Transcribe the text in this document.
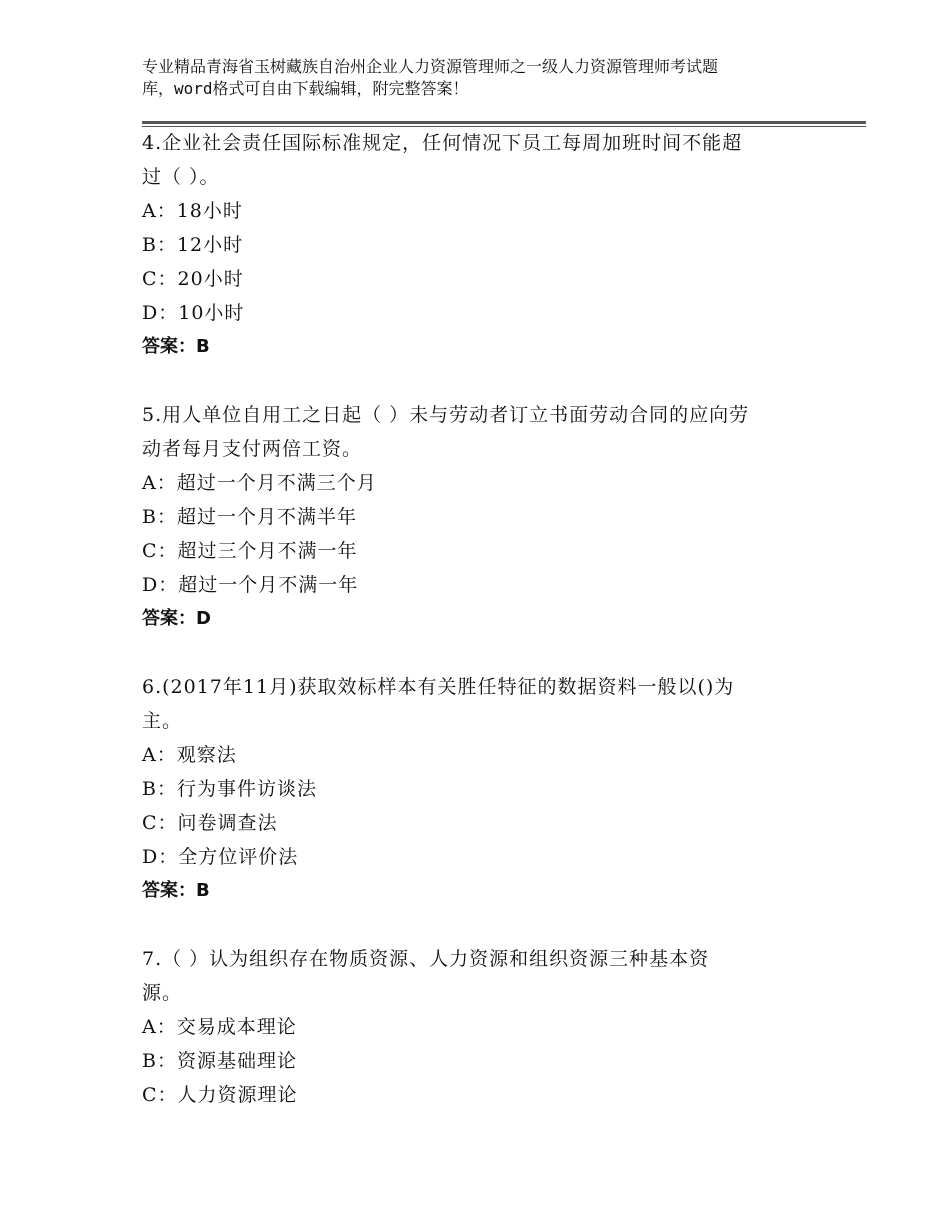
专业精品青海省玉树藏族自治州企业人力资源管理师之一级人力资源管理师考试题
库，word格式可自由下载编辑，附完整答案！
4.企业社会责任国际标准规定，任何情况下员工每周加班时间不能超
过（ ）。
A：18小时
B：12小时
C：20小时
D：10小时
答案：B
5.用人单位自用工之日起（ ）未与劳动者订立书面劳动合同的应向劳
动者每月支付两倍工资。
A：超过一个月不满三个月
B：超过一个月不满半年
C：超过三个月不满一年
D：超过一个月不满一年
答案：D
6.(2017年11月)获取效标样本有关胜任特征的数据资料一般以()为
主。
A：观察法
B：行为事件访谈法
C：问卷调查法
D：全方位评价法
答案：B
7.（ ）认为组织存在物质资源、人力资源和组织资源三种基本资
源。
A：交易成本理论
B：资源基础理论
C：人力资源理论
